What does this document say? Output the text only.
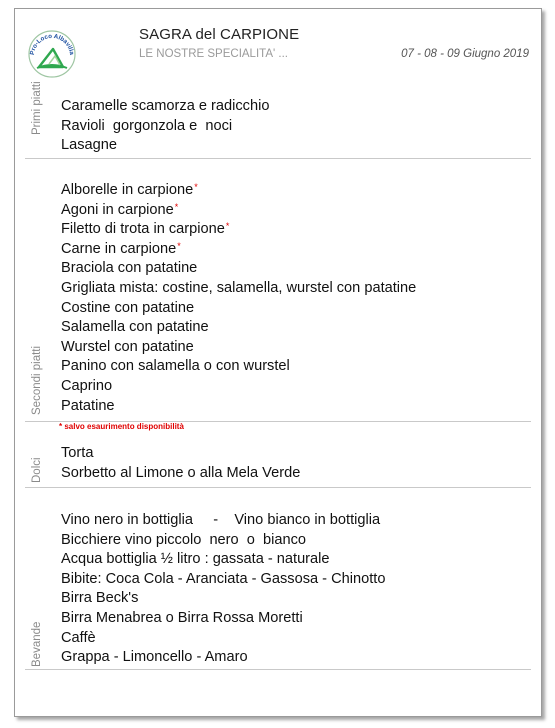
Pro-Loco Albavilla
SAGRA del CARPIONE
LE NOSTRE SPECIALITA' ...	07 - 08 - 09 Giugno 2019
Primi piatti Caramelle scamorza e radicchio
Ravioli  gorgonzola e  noci
Lasagne
Secondi piatti
Alborelle in carpione*
Agoni in carpione*
Filetto di trota in carpione*
Carne in carpione*
Braciola con patatine
Grigliata mista: costine, salamella, wurstel con patatine
Costine con patatine
Salamella con patatine
Wurstel con patatine
Panino con salamella o con wurstel
Caprino
Patatine
* salvo esaurimento disponibilità
Dolci
Torta
Sorbetto al Limone o alla Mela Verde
Bevande
Vino nero in bottiglia     -    Vino bianco in bottiglia
Bicchiere vino piccolo  nero  o  bianco
Acqua bottiglia ½ litro : gassata - naturale
Bibite: Coca Cola - Aranciata - Gassosa - Chinotto
Birra Beck's
Birra Menabrea o Birra Rossa Moretti
Caffè
Grappa - Limoncello - Amaro
